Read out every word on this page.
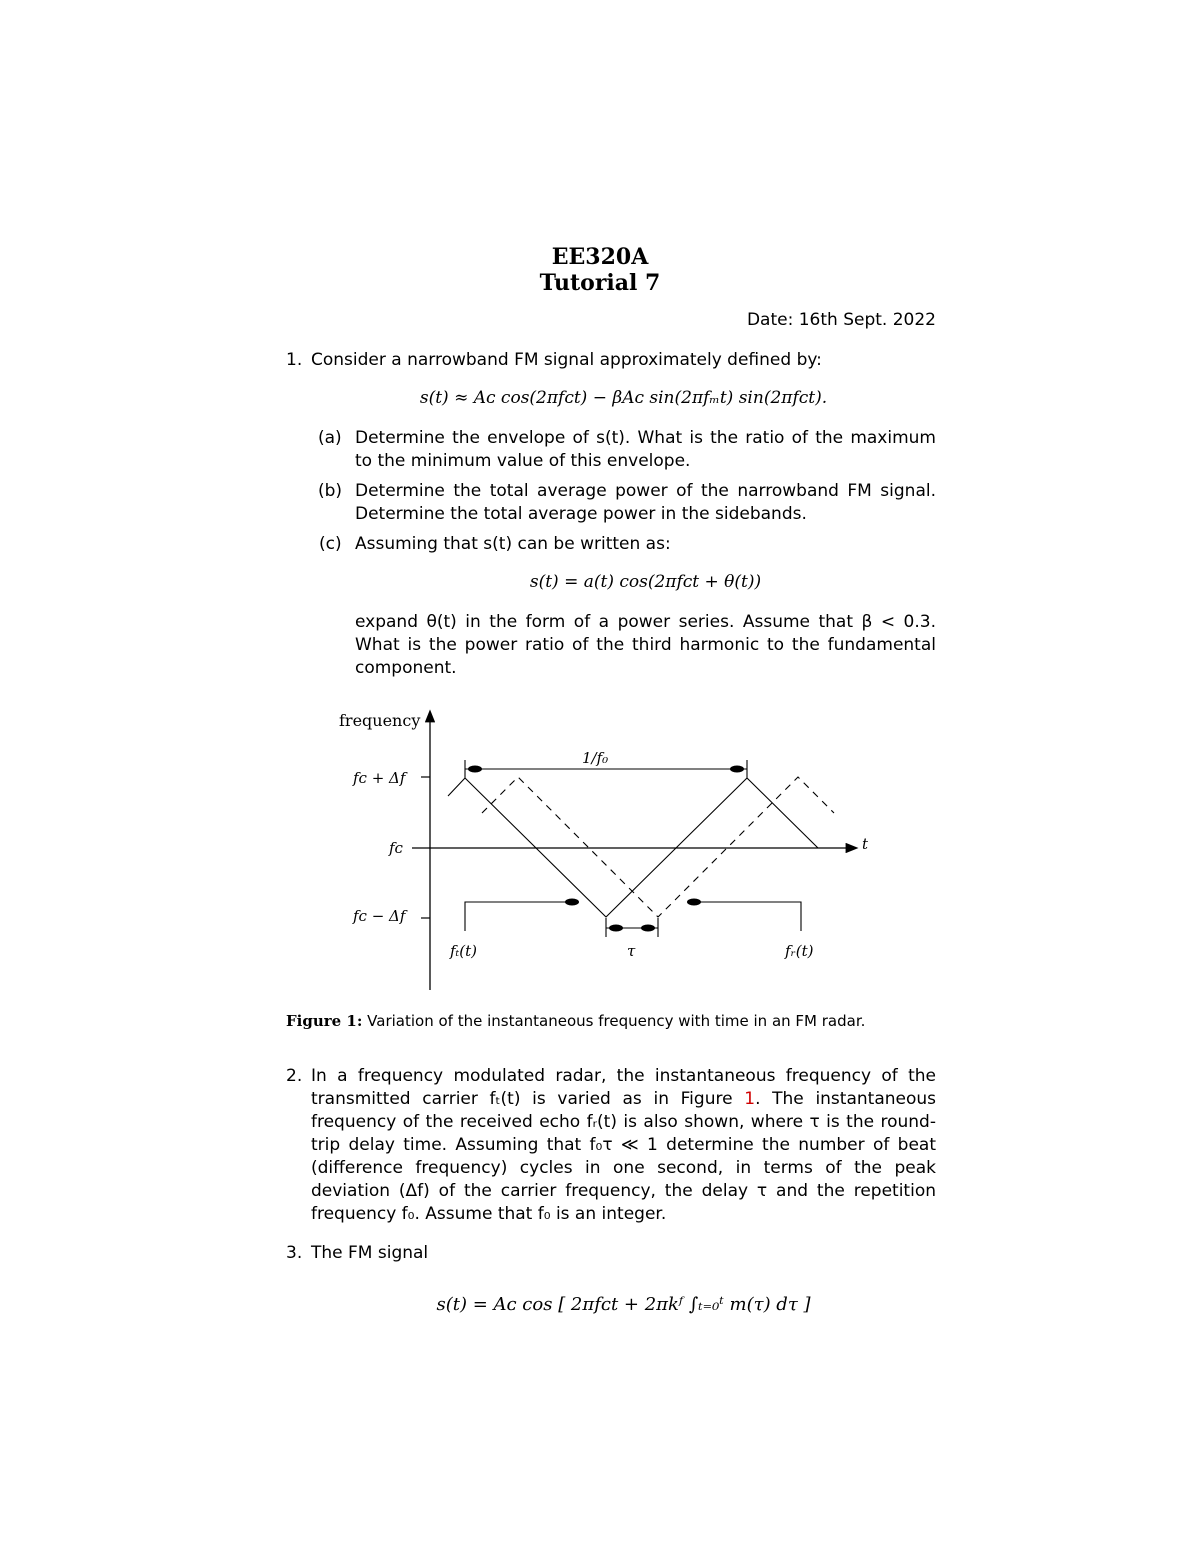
EE320A
Tutorial 7
Date: 16th Sept. 2022
1. Consider a narrowband FM signal approximately defined by:
s(t) ≈ Aᴄ cos(2πfᴄt) − βAᴄ sin(2πfₘt) sin(2πfᴄt).
(a) Determine the envelope of s(t). What is the ratio of the maximum to the minimum value of this envelope.
(b) Determine the total average power of the narrowband FM signal. Determine the total average power in the sidebands.
(c) Assuming that s(t) can be written as:
s(t) = a(t) cos(2πfᴄt + θ(t))
expand θ(t) in the form of a power series. Assume that β < 0.3. What is the power ratio of the third harmonic to the fundamental component.
frequency
t
fᴄ + Δf
fᴄ
fᴄ − Δf
1/f₀
fₜ(t)	τ	fᵣ(t)
Figure 1: Variation of the instantaneous frequency with time in an FM radar.
2. In a frequency modulated radar, the instantaneous frequency of the transmitted carrier fₜ(t) is varied as in Figure 1. The instantaneous frequency of the received echo fᵣ(t) is also shown, where τ is the round-trip delay time. Assuming that f₀τ ≪ 1 determine the number of beat (difference frequency) cycles in one second, in terms of the peak deviation (Δf) of the carrier frequency, the delay τ and the repetition frequency f₀. Assume that f₀ is an integer.
3. The FM signal
s(t) = Aᴄ cos [ 2πfᴄt + 2πkᶠ ∫ₜ₌₀ᵗ m(τ) dτ ]
